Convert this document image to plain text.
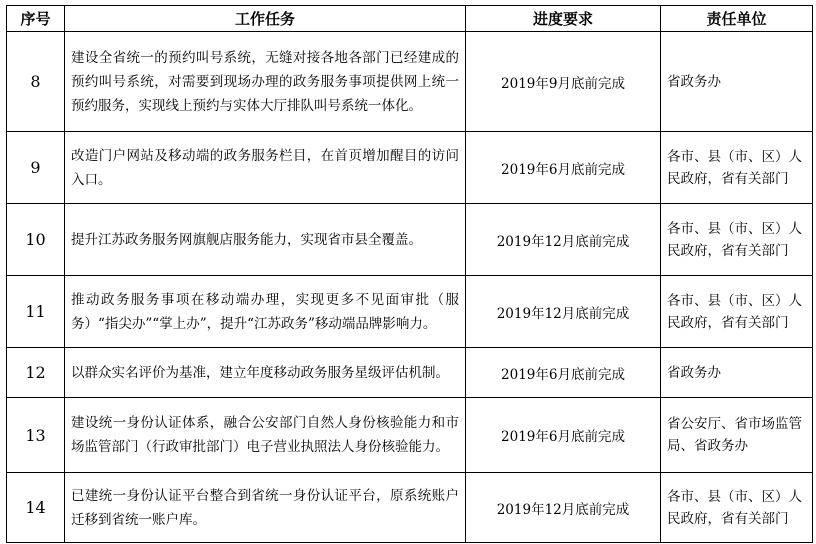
序号	工作任务	进度要求	责任单位
8	建设全省统一的预约叫号系统，无缝对接各地各部门已经建成的预约叫号系统，对需要到现场办理的政务服务事项提供网上统一预约服务，实现线上预约与实体大厅排队叫号系统一体化。	2019年9月底前完成	省政务办
9	改造门户网站及移动端的政务服务栏目，在首页增加醒目的访问入口。	2019年6月底前完成	各市、县（市、区）人民政府，省有关部门
10	提升江苏政务服务网旗舰店服务能力，实现省市县全覆盖。	2019年12月底前完成	各市、县（市、区）人民政府，省有关部门
11	推动政务服务事项在移动端办理，实现更多不见面审批（服务）“指尖办”“掌上办”，提升“江苏政务”移动端品牌影响力。	2019年12月底前完成	各市、县（市、区）人民政府，省有关部门
12	以群众实名评价为基准，建立年度移动政务服务星级评估机制。	2019年6月底前完成	省政务办
13	建设统一身份认证体系，融合公安部门自然人身份核验能力和市场监管部门（行政审批部门）电子营业执照法人身份核验能力。	2019年6月底前完成	省公安厅、省市场监管局、省政务办
14	已建统一身份认证平台整合到省统一身份认证平台，原系统账户迁移到省统一账户库。	2019年12月底前完成	各市、县（市、区）人民政府，省有关部门
